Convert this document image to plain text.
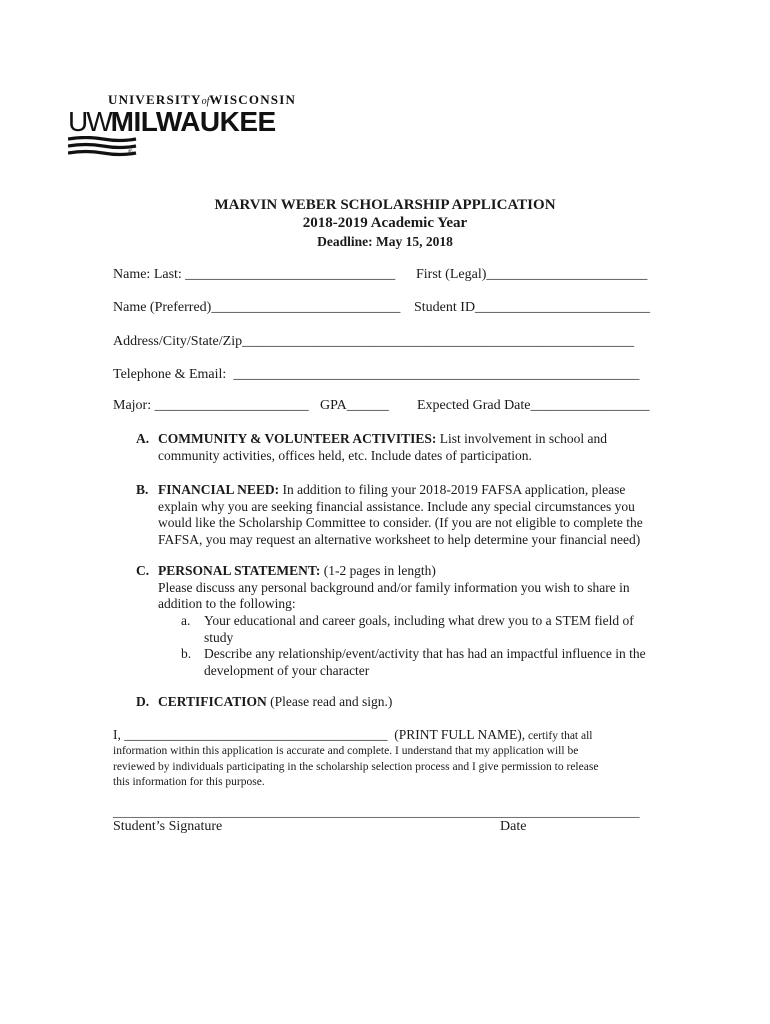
UNIVERSITYofWISCONSIN
UWMILWAUKEE
®
MARVIN WEBER SCHOLARSHIP APPLICATION
2018-2019 Academic Year
Deadline: May 15, 2018
Name: Last: ______________________________ First (Legal)_______________________
Name (Preferred)___________________________ Student ID_________________________
Address/City/State/Zip________________________________________________________
Telephone & Email:  __________________________________________________________
Major: ______________________ GPA______ Expected Grad Date_________________
A. COMMUNITY & VOLUNTEER ACTIVITIES: List involvement in school and
community activities, offices held, etc. Include dates of participation.
B. FINANCIAL NEED: In addition to filing your 2018-2019 FAFSA application, please
explain why you are seeking financial assistance. Include any special circumstances you
would like the Scholarship Committee to consider. (If you are not eligible to complete the
FAFSA, you may request an alternative worksheet to help determine your financial need)
C. PERSONAL STATEMENT: (1-2 pages in length)
Please discuss any personal background and/or family information you wish to share in
addition to the following:
a. Your educational and career goals, including what drew you to a STEM field of
study
b. Describe any relationship/event/activity that has had an impactful influence in the
development of your character
D. CERTIFICATION (Please read and sign.)
I, _______________________________________ (PRINT FULL NAME), certify that all
information within this application is accurate and complete. I understand that my application will be
reviewed by individuals participating in the scholarship selection process and I give permission to release
this information for this purpose.
_________________________________________________________________________________
Student’s Signature	Date
